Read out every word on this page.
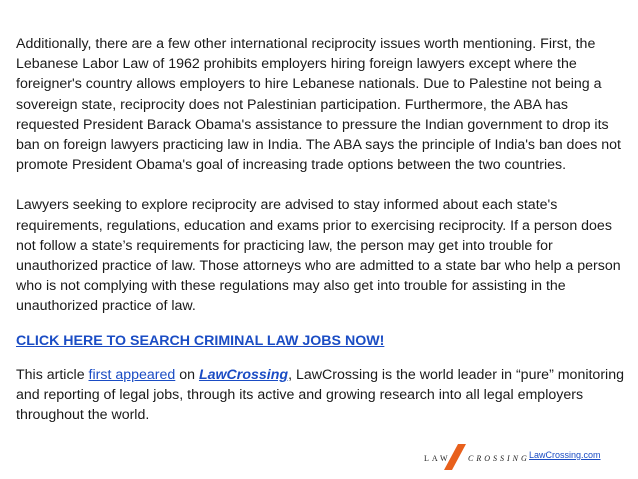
Additionally, there are a few other international reciprocity issues worth mentioning. First, the Lebanese Labor Law of 1962 prohibits employers hiring foreign lawyers except where the foreigner's country allows employers to hire Lebanese nationals. Due to Palestine not being a sovereign state, reciprocity does not Palestinian participation. Furthermore, the ABA has requested President Barack Obama's assistance to pressure the Indian government to drop its ban on foreign lawyers practicing law in India. The ABA says the principle of India's ban does not promote President Obama's goal of increasing trade options between the two countries.

Lawyers seeking to explore reciprocity are advised to stay informed about each state's requirements, regulations, education and exams prior to exercising reciprocity. If a person does not follow a state’s requirements for practicing law, the person may get into trouble for unauthorized practice of law. Those attorneys who are admitted to a state bar who help a person who is not complying with these regulations may also get into trouble for assisting in the unauthorized practice of law.

CLICK HERE TO SEARCH CRIMINAL LAW JOBS NOW!

This article first appeared on LawCrossing, LawCrossing is the world leader in “pure” monitoring and reporting of legal jobs, through its active and growing research into all legal employers throughout the world.

LAW CROSSING LawCrossing.com
